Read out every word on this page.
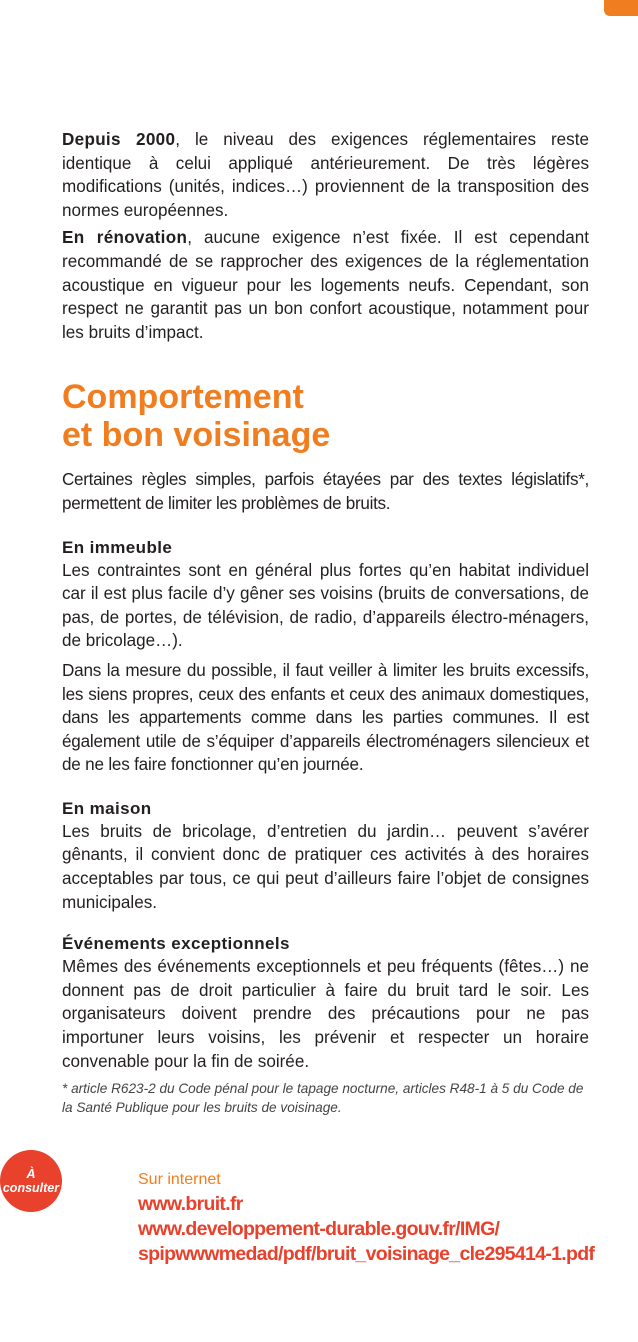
Depuis 2000, le niveau des exigences réglementaires reste identique à celui appliqué antérieurement. De très légères modifications (unités, indices…) proviennent de la transposition des normes européennes.

En rénovation, aucune exigence n’est fixée. Il est cependant recommandé de se rapprocher des exigences de la réglementation acoustique en vigueur pour les logements neufs. Cependant, son respect ne garantit pas un bon confort acoustique, notamment pour les bruits d’impact.

Comportement
et bon voisinage

Certaines règles simples, parfois étayées par des textes législatifs*, permettent de limiter les problèmes de bruits.

En immeuble

Les contraintes sont en général plus fortes qu’en habitat individuel car il est plus facile d’y gêner ses voisins (bruits de conversations, de pas, de portes, de télévision, de radio, d’appareils électro-ménagers, de bricolage…).

Dans la mesure du possible, il faut veiller à limiter les bruits excessifs, les siens propres, ceux des enfants et ceux des animaux domestiques, dans les appartements comme dans les parties communes. Il est également utile de s’équiper d’appareils électroménagers silencieux et de ne les faire fonctionner qu’en journée.

En maison

Les bruits de bricolage, d’entretien du jardin… peuvent s’avérer gênants, il convient donc de pratiquer ces activités à des horaires acceptables par tous, ce qui peut d’ailleurs faire l’objet de consignes municipales.

Événements exceptionnels

Mêmes des événements exceptionnels et peu fréquents (fêtes…) ne donnent pas de droit particulier à faire du bruit tard le soir. Les organisateurs doivent prendre des précautions pour ne pas importuner leurs voisins, les prévenir et respecter un horaire convenable pour la fin de soirée.

* article R623-2 du Code pénal pour le tapage nocturne, articles R48-1 à 5 du Code de la Santé Publique pour les bruits de voisinage.

À
consulter	Sur internet

www.bruit.fr

www.developpement-durable.gouv.fr/IMG/
spipwwwmedad/pdf/bruit_voisinage_cle295414-1.pdf
